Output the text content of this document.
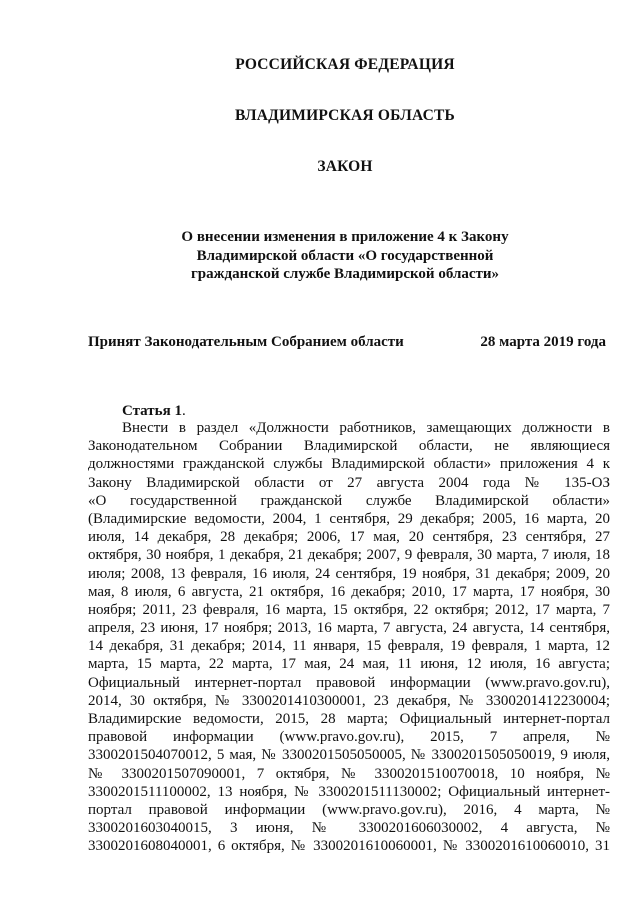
РОССИЙСКАЯ ФЕДЕРАЦИЯ
ВЛАДИМИРСКАЯ ОБЛАСТЬ
ЗАКОН
О внесении изменения в приложение 4 к Закону
Владимирской области «О государственной
гражданской службе Владимирской области»
Принят Законодательным Собранием области	28 марта 2019 года
Статья 1.
Внести в раздел «Должности работников, замещающих должности в
Законодательном Собрании Владимирской области, не являющиеся
должностями гражданской службы Владимирской области» приложения 4 к
Закону Владимирской области от 27 августа 2004 года № 135-ОЗ
«О государственной гражданской службе Владимирской области»
(Владимирские ведомости, 2004, 1 сентября, 29 декабря; 2005, 16 марта, 20
июля, 14 декабря, 28 декабря; 2006, 17 мая, 20 сентября, 23 сентября, 27
октября, 30 ноября, 1 декабря, 21 декабря; 2007, 9 февраля, 30 марта, 7 июля, 18
июля; 2008, 13 февраля, 16 июля, 24 сентября, 19 ноября, 31 декабря; 2009, 20
мая, 8 июля, 6 августа, 21 октября, 16 декабря; 2010, 17 марта, 17 ноября, 30
ноября; 2011, 23 февраля, 16 марта, 15 октября, 22 октября; 2012, 17 марта, 7
апреля, 23 июня, 17 ноября; 2013, 16 марта, 7 августа, 24 августа, 14 сентября,
14 декабря, 31 декабря; 2014, 11 января, 15 февраля, 19 февраля, 1 марта, 12
марта, 15 марта, 22 марта, 17 мая, 24 мая, 11 июня, 12 июля, 16 августа;
Официальный интернет-портал правовой информации (www.pravo.gov.ru),
2014, 30 октября, № 3300201410300001, 23 декабря, № 3300201412230004;
Владимирские ведомости, 2015, 28 марта; Официальный интернет-портал
правовой информации (www.pravo.gov.ru), 2015, 7 апреля, №
3300201504070012, 5 мая, № 3300201505050005, № 3300201505050019, 9 июля,
№ 3300201507090001, 7 октября, № 3300201510070018, 10 ноября, №
3300201511100002, 13 ноября, № 3300201511130002; Официальный интернет-
портал правовой информации (www.pravo.gov.ru), 2016, 4 марта, №
3300201603040015, 3 июня, № 3300201606030002, 4 августа, №
3300201608040001, 6 октября, № 3300201610060001, № 3300201610060010, 31
